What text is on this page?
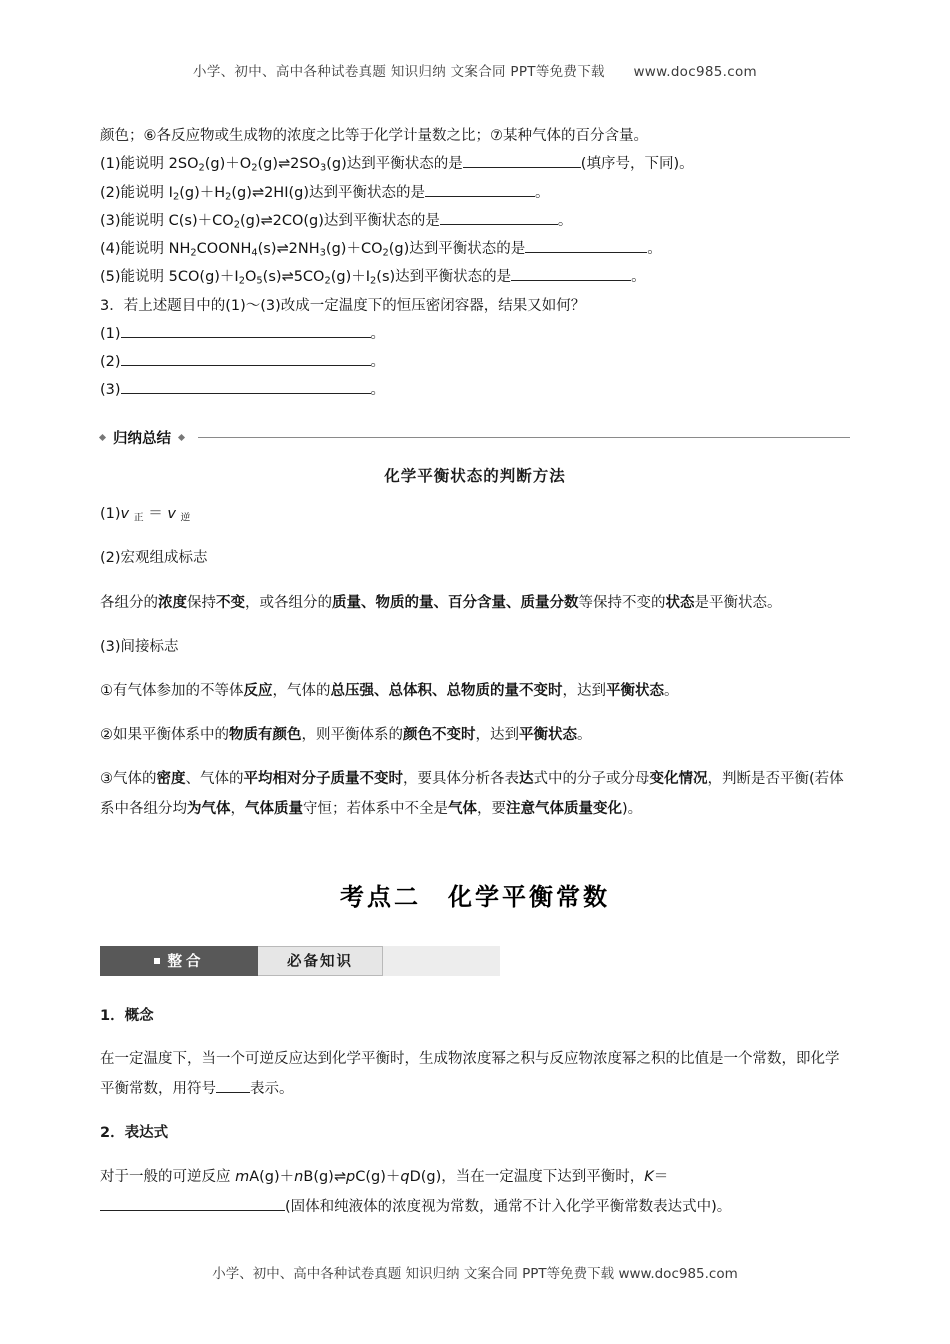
小学、初中、高中各种试卷真题 知识归纳 文案合同 PPT等免费下载 www.doc985.com

颜色；⑥各反应物或生成物的浓度之比等于化学计量数之比；⑦某种气体的百分含量。

(1)能说明 $2SO_2(g)+O_2(g)\rightleftharpoons 2SO_3(g)$达到平衡状态的是	(填序号，下同)。

(2)能说明 $I_2(g)+H_2(g)\rightleftharpoons 2HI(g)$达到平衡状态的是	。

(3)能说明 $C(s)+CO_2(g)\rightleftharpoons 2CO(g)$达到平衡状态的是	。

(4)能说明 $NH_2COONH_4(s)\rightleftharpoons 2NH_3(g)+CO_2(g)$达到平衡状态的是	。

(5)能说明 $5CO(g)+I_2O_5(s)\rightleftharpoons 5CO_2(g)+I_2(s)$达到平衡状态的是	。

3．若上述题目中的(1)～(3)改成一定温度下的恒压密闭容器，结果又如何？

(1)	。

(2)	。

(3)	。

归纳总结
化学平衡状态的判断方法

(1)v $_正$ ＝ v $_逆$

(2)宏观组成标志

各组分的浓度保持不变，或各组分的质量、物质的量、百分含量、质量分数等保持不变的状态是平衡状态。

(3)间接标志

①有气体参加的不等体反应，气体的总压强、总体积、总物质的量不变时，达到平衡状态。

②如果平衡体系中的物质有颜色，则平衡体系的颜色不变时，达到平衡状态。

③气体的密度、气体的平均相对分子质量不变时，要具体分析各表达式中的分子或分母变化情况，判断是否平衡(若体系中各组分均为气体，气体质量守恒；若体系中不全是气体，要注意气体质量变化)。

考点二　化学平衡常数
整合	必备知识
1．概念

在一定温度下，当一个可逆反应达到化学平衡时，生成物浓度幂之积与反应物浓度幂之积的比值是一个常数，即化学平衡常数，用符号 表示。

2．表达式

对于一般的可逆反应 mA(g)＋nB(g)⇌pC(g)＋qD(g)，当在一定温度下达到平衡时，K＝
(固体和纯液体的浓度视为常数，通常不计入化学平衡常数表达式中)。

小学、初中、高中各种试卷真题 知识归纳 文案合同 PPT等免费下载 www.doc985.com
